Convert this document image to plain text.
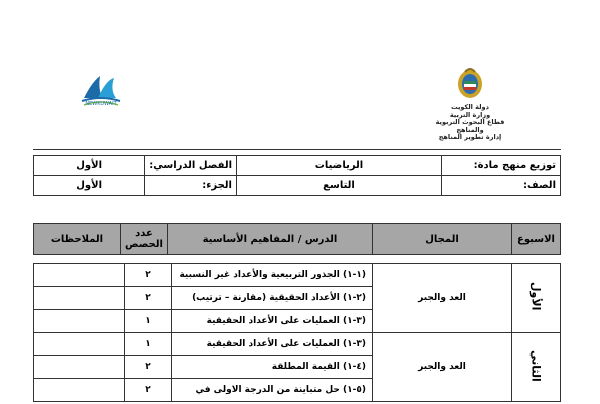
NEWKUWAIT	دولة الكويت
وزارة التربية
قطاع البحوث التربوية والمناهج
إدارة تطوير المناهج
توزيع منهج مادة:	الرياضيات	الفصل الدراسي:	الأول
الصف:	التاسع	الجزء:	الأول
الاسبوع	المجال	الدرس / المفاهيم الأساسية	عدد الحصص	الملاحظات
الأول	العد والجبر	(١-١) الجذور التربيعية والأعداد غير النسبية	٢	
		(٢-١) الأعداد الحقيقية (مقارنة – ترتيب)	٢	
		(٣-١) العمليات على الأعداد الحقيقية	١	
الثاني	العد والجبر	(٣-١) العمليات على الأعداد الحقيقية	١	
		(٤-١) القيمة المطلقة	٢	
		(٥-١) حل متباينة من الدرجة الاولى في	٢	
